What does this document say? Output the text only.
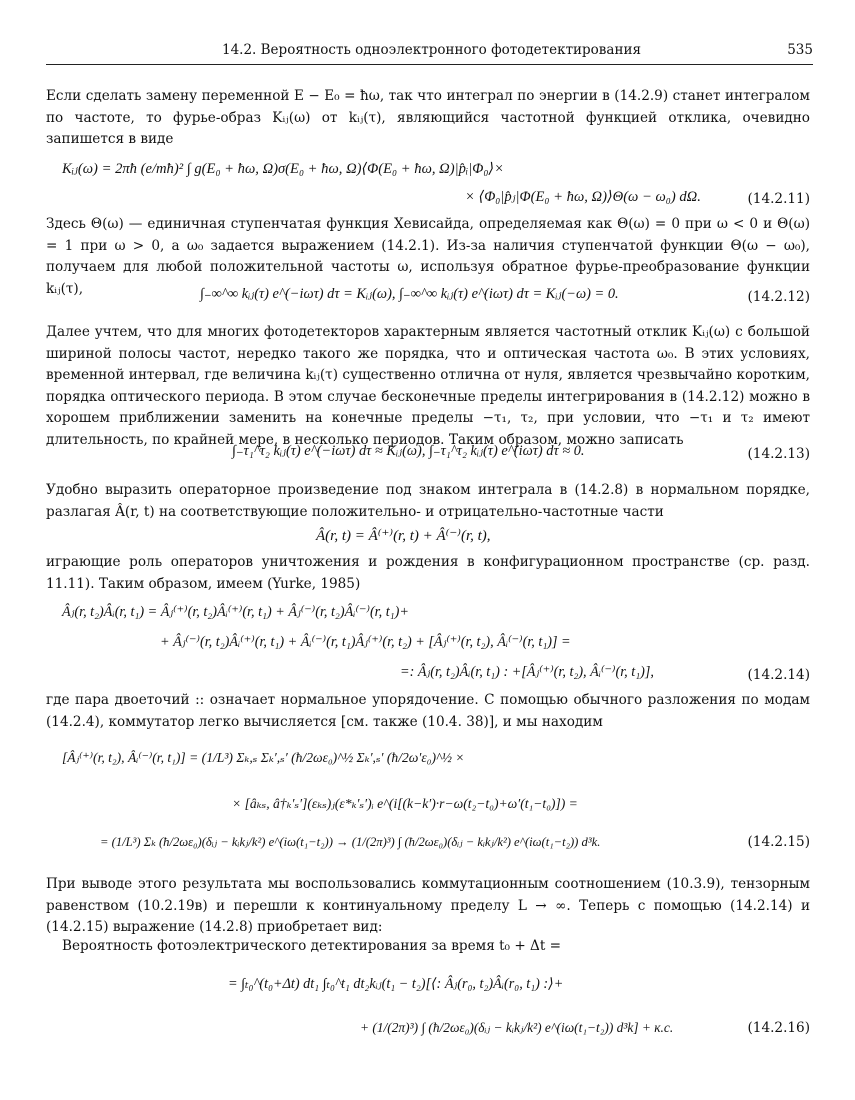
14.2. Вероятность одноэлектронного фотодетектирования	535
Если сделать замену переменной E − E₀ = ħω, так что интеграл по энергии в (14.2.9) станет интегралом по частоте, то фурье-образ Kᵢⱼ(ω) от kᵢⱼ(τ), являющийся частотной функцией отклика, очевидно запишется в виде
Kᵢⱼ(ω) = 2πħ (e/mħ)² ∫ g(E₀ + ħω, Ω)σ(E₀ + ħω, Ω)⟨Φ(E₀ + ħω, Ω)|p̂ᵢ|Φ₀⟩×
× ⟨Φ₀|p̂ⱼ|Φ(E₀ + ħω, Ω)⟩Θ(ω − ω₀) dΩ.	(14.2.11)
Здесь Θ(ω) — единичная ступенчатая функция Хевисайда, определяемая как Θ(ω) = 0 при ω < 0 и Θ(ω) = 1 при ω > 0, а ω₀ задается выражением (14.2.1). Из-за наличия ступенчатой функции Θ(ω − ω₀), получаем для любой положительной частоты ω, используя обратное фурье-преобразование функции kᵢⱼ(τ),	∫₋∞^∞ kᵢⱼ(τ) e^(−iωτ) dτ = Kᵢⱼ(ω), ∫₋∞^∞ kᵢⱼ(τ) e^(iωτ) dτ = Kᵢⱼ(−ω) = 0.	(14.2.12)
Далее учтем, что для многих фотодетекторов характерным является частотный отклик Kᵢⱼ(ω) с большой шириной полосы частот, нередко такого же порядка, что и оптическая частота ω₀. В этих условиях, временной интервал, где величина kᵢⱼ(τ) существенно отлична от нуля, является чрезвычайно коротким, порядка оптического периода. В этом случае бесконечные пределы интегрирования в (14.2.12) можно в хорошем приближении заменить на конечные пределы −τ₁, τ₂, при условии, что −τ₁ и τ₂ имеют длительность, по крайней мере, в несколько периодов. Таким образом, можно записать
∫₋τ₁^τ₂ kᵢⱼ(τ) e^(−iωτ) dτ ≈ Kᵢⱼ(ω), ∫₋τ₁^τ₂ kᵢⱼ(τ) e^(iωτ) dτ ≈ 0.	(14.2.13)
Удобно выразить операторное произведение под знаком интеграла в (14.2.8) в нормальном порядке, разлагая Â(r, t) на соответствующие положительно- и отрицательно-частотные части
Â(r, t) = Â⁽⁺⁾(r, t) + Â⁽⁻⁾(r, t),
играющие роль операторов уничтожения и рождения в конфигурационном пространстве (ср. разд. 11.11). Таким образом, имеем (Yurke, 1985)
Âⱼ(r, t₂)Âᵢ(r, t₁) = Âⱼ⁽⁺⁾(r, t₂)Âᵢ⁽⁺⁾(r, t₁) + Âⱼ⁽⁻⁾(r, t₂)Âᵢ⁽⁻⁾(r, t₁)+
+ Âⱼ⁽⁻⁾(r, t₂)Âᵢ⁽⁺⁾(r, t₁) + Âᵢ⁽⁻⁾(r, t₁)Âⱼ⁽⁺⁾(r, t₂) + [Âⱼ⁽⁺⁾(r, t₂), Âᵢ⁽⁻⁾(r, t₁)] =
=: Âⱼ(r, t₂)Âᵢ(r, t₁) : +[Âⱼ⁽⁺⁾(r, t₂), Âᵢ⁽⁻⁾(r, t₁)],	(14.2.14)
где пара двоеточий :: означает нормальное упорядочение. С помощью обычного разложения по модам (14.2.4), коммутатор легко вычисляется [см. также (10.4. 38)], и мы находим
[Âⱼ⁽⁺⁾(r, t₂), Âᵢ⁽⁻⁾(r, t₁)] = (1/L³) Σₖ,ₛ Σₖ′,ₛ′ (ħ/2ωε₀)^½ Σₖ′,ₛ′ (ħ/2ω′ε₀)^½ ×
× [âₖₛ, â†ₖ′ₛ′](εₖₛ)ⱼ(ε*ₖ′ₛ′)ᵢ e^(i[(k−k′)·r−ω(t₂−t₀)+ω′(t₁−t₀)]) =
= (1/L³) Σₖ (ħ/2ωε₀)(δᵢⱼ − kᵢkⱼ/k²) e^(iω(t₁−t₂)) → (1/(2π)³) ∫ (ħ/2ωε₀)(δᵢⱼ − kᵢkⱼ/k²) e^(iω(t₁−t₂)) d³k.	(14.2.15)
При выводе этого результата мы воспользовались коммутационным соотношением (10.3.9), тензорным равенством (10.2.19в) и перешли к континуальному пределу L → ∞. Теперь с помощью (14.2.14) и (14.2.15) выражение (14.2.8) приобретает вид:
Вероятность фотоэлектрического детектирования за время t₀ + Δt =
= ∫ₜ₀^(t₀+Δt) dt₁ ∫ₜ₀^t₁ dt₂kᵢⱼ(t₁ − t₂)[⟨: Âⱼ(r₀, t₂)Âᵢ(r₀, t₁) :⟩+
+ (1/(2π)³) ∫ (ħ/2ωε₀)(δᵢⱼ − kᵢkⱼ/k²) e^(iω(t₁−t₂)) d³k] + к.с.	(14.2.16)
